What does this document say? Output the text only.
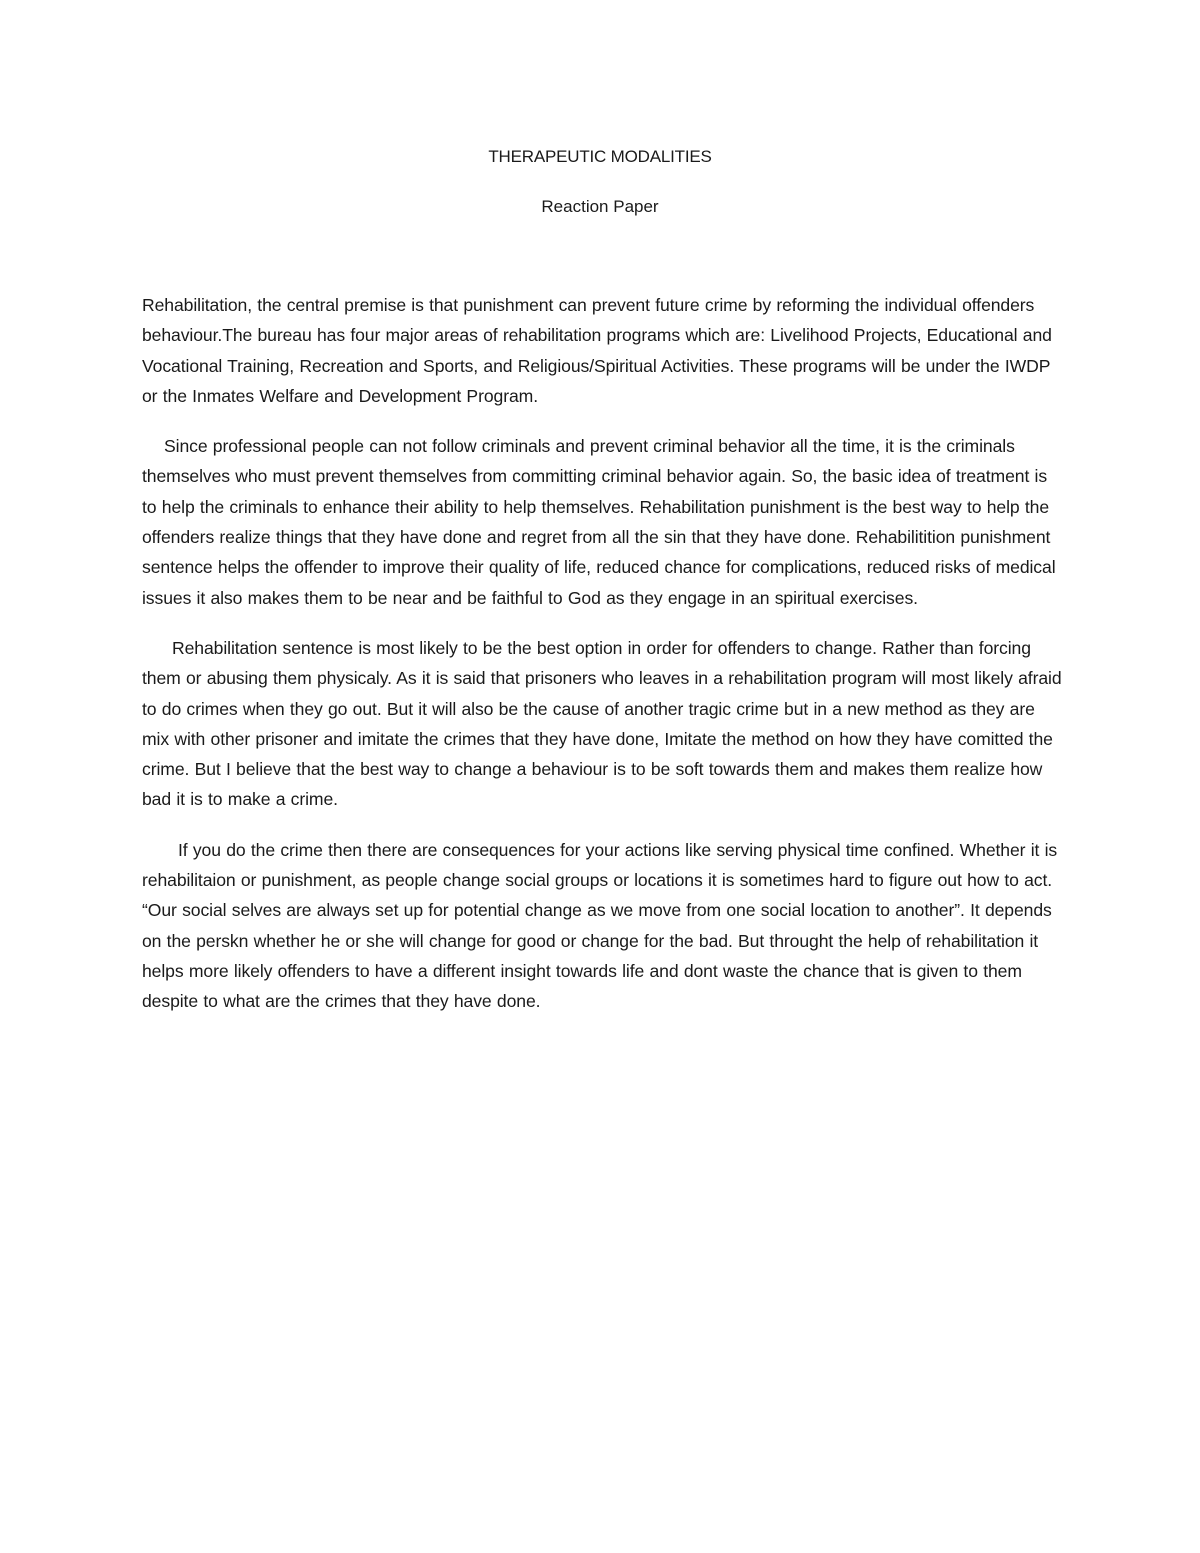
THERAPEUTIC MODALITIES
Reaction Paper

Rehabilitation, the central premise is that punishment can prevent future crime by reforming the individual offenders behaviour.The bureau has four major areas of rehabilitation programs which are: Livelihood Projects, Educational and Vocational Training, Recreation and Sports, and Religious/Spiritual Activities. These programs will be under the IWDP or the Inmates Welfare and Development Program.

Since professional people can not follow criminals and prevent criminal behavior all the time, it is the criminals themselves who must prevent themselves from committing criminal behavior again. So, the basic idea of treatment is to help the criminals to enhance their ability to help themselves. Rehabilitation punishment is the best way to help the offenders realize things that they have done and regret from all the sin that they have done. Rehabilitition punishment sentence helps the offender to improve their quality of life, reduced chance for complications, reduced risks of medical issues it also makes them to be near and be faithful to God as they engage in an spiritual exercises.

Rehabilitation sentence is most likely to be the best option in order for offenders to change. Rather than forcing them or abusing them physicaly. As it is said that prisoners who leaves in a rehabilitation program will most likely afraid to do crimes when they go out. But it will also be the cause of another tragic crime but in a new method as they are mix with other prisoner and imitate the crimes that they have done, Imitate the method on how they have comitted the crime. But I believe that the best way to change a behaviour is to be soft towards them and makes them realize how bad it is to make a crime.

If you do the crime then there are consequences for your actions like serving physical time confined. Whether it is rehabilitaion or punishment, as people change social groups or locations it is sometimes hard to figure out how to act. “Our social selves are always set up for potential change as we move from one social location to another”. It depends on the perskn whether he or she will change for good or change for the bad. But throught the help of rehabilitation it helps more likely offenders to have a different insight towards life and dont waste the chance that is given to them despite to what are the crimes that they have done.
